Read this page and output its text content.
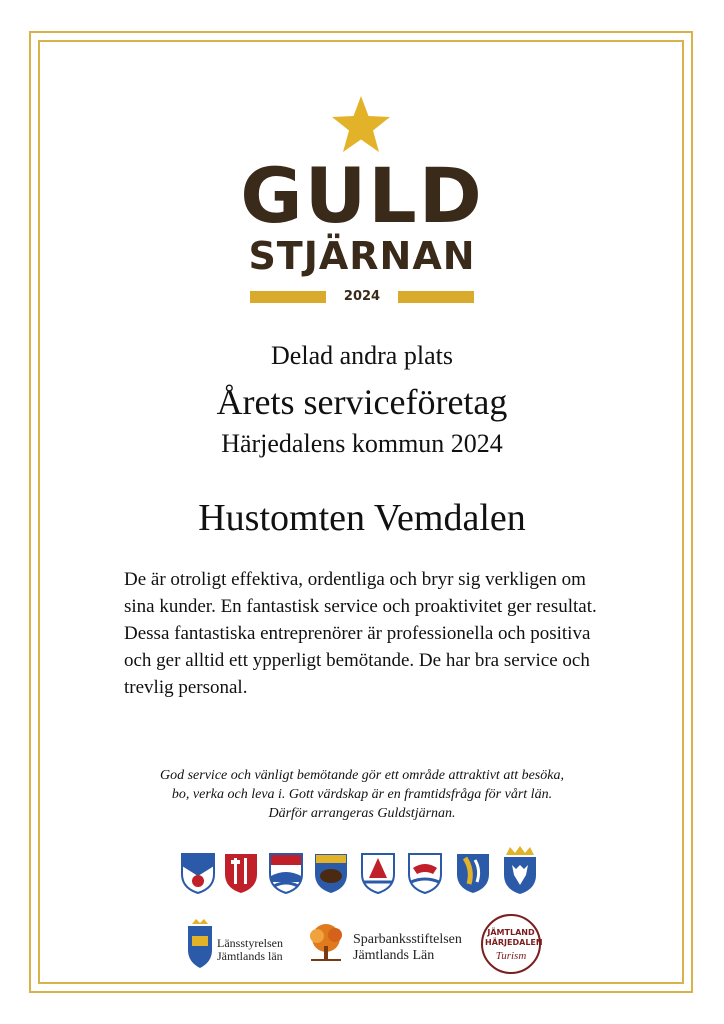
GULD
STJÄRNAN
2024
Delad andra plats
Årets serviceföretag
Härjedalens kommun 2024
Hustomten Vemdalen
De är otroligt effektiva, ordentliga och bryr sig verkligen om sina kunder. En fantastisk service och proaktivitet ger resultat. Dessa fantastiska entreprenörer är professionella och positiva och ger alltid ett ypperligt bemötande. De har bra service och trevlig personal.
God service och vänligt bemötande gör ett område attraktivt att besöka,
bo, verka och leva i. Gott värdskap är en framtidsfråga för vårt län.
Därför arrangeras Guldstjärnan.
Länsstyrelsen
Jämtlands län
Sparbanksstiftelsen
Jämtlands Län
JÄMTLAND
HÄRJEDALEN
Turism
